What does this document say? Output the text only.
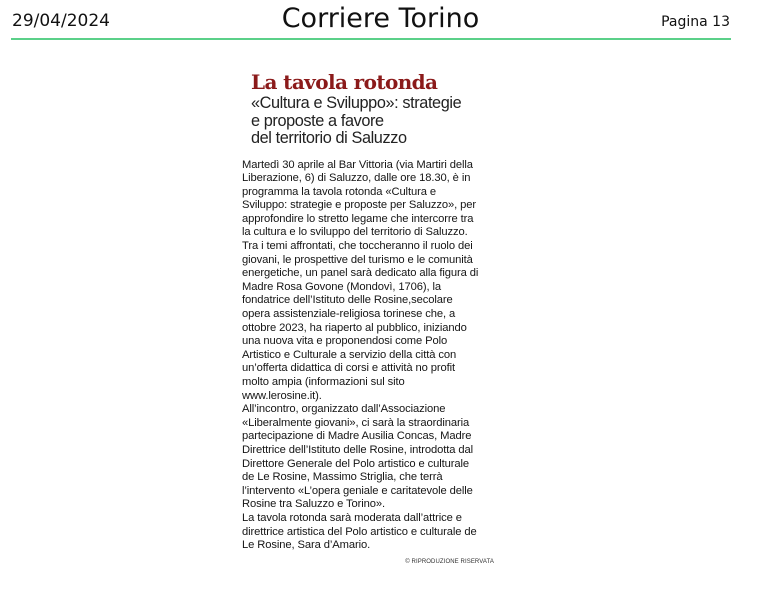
29/04/2024	Corriere Torino	Pagina 13
La tavola rotonda
«Cultura e Sviluppo»: strategie
e proposte a favore
del territorio di Saluzzo
Martedì 30 aprile al Bar Vittoria (via Martiri della
Liberazione, 6) di Saluzzo, dalle ore 18.30, è in
programma la tavola rotonda «Cultura e
Sviluppo: strategie e proposte per Saluzzo», per
approfondire lo stretto legame che intercorre tra
la cultura e lo sviluppo del territorio di Saluzzo.
Tra i temi affrontati, che toccheranno il ruolo dei
giovani, le prospettive del turismo e le comunità
energetiche, un panel sarà dedicato alla figura di
Madre Rosa Govone (Mondovì, 1706), la
fondatrice dell’Istituto delle Rosine,secolare
opera assistenziale-religiosa torinese che, a
ottobre 2023, ha riaperto al pubblico, iniziando
una nuova vita e proponendosi come Polo
Artistico e Culturale a servizio della città con
un’offerta didattica di corsi e attività no profit
molto ampia (informazioni sul sito
www.lerosine.it).
All’incontro, organizzato dall’Associazione
«Liberalmente giovani», ci sarà la straordinaria
partecipazione di Madre Ausilia Concas, Madre
Direttrice dell’Istituto delle Rosine, introdotta dal
Direttore Generale del Polo artistico e culturale
de Le Rosine, Massimo Striglia, che terrà
l’intervento «L’opera geniale e caritatevole delle
Rosine tra Saluzzo e Torino».
La tavola rotonda sarà moderata dall’attrice e
direttrice artistica del Polo artistico e culturale de
Le Rosine, Sara d’Amario.
© RIPRODUZIONE RISERVATA
